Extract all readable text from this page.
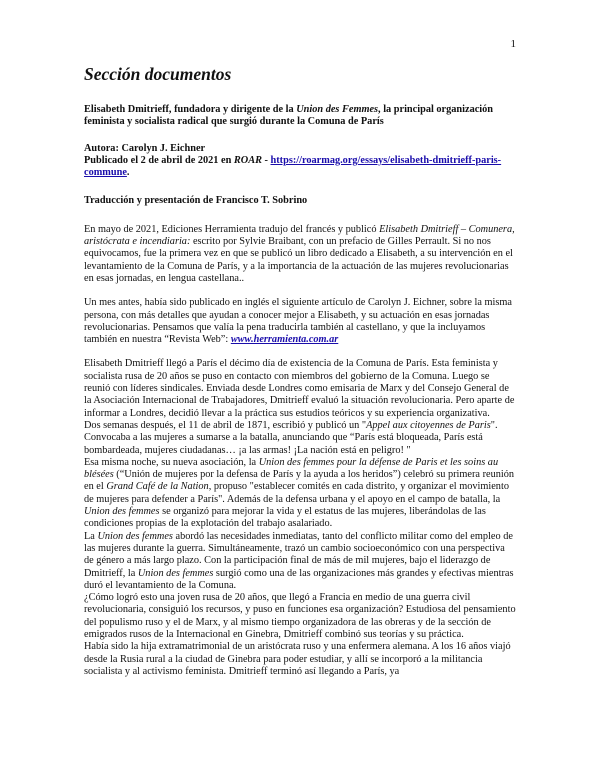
1
Sección documentos

Elisabeth Dmitrieff, fundadora y dirigente de la Union des Femmes, la principal organización feminista y socialista radical que surgió durante la Comuna de París

Autora: Carolyn J. Eichner

Publicado el 2 de abril de 2021 en ROAR - https://roarmag.org/essays/elisabeth-dmitrieff-paris-commune.

Traducción y presentación de Francisco T. Sobrino

En mayo de 2021, Ediciones Herramienta tradujo del francés y publicó Elisabeth Dmitrieff – Comunera, aristócrata e incendiaria: escrito por Sylvie Braibant, con un prefacio de Gilles Perrault. Si no nos equivocamos, fue la primera vez en que se publicó un libro dedicado a Elisabeth, a su intervención en el levantamiento de la Comuna de París, y a la importancia de la actuación de las mujeres revolucionarias en esas jornadas, en lengua castellana..

Un mes antes, había sido publicado en inglés el siguiente artículo de Carolyn J. Eichner, sobre la misma persona, con más detalles que ayudan a conocer mejor a Elisabeth, y su actuación en esas jornadas revolucionarias. Pensamos que valía la pena traducirla también al castellano, y que la incluyamos también en nuestra “Revista Web”: www.herramienta.com.ar

Elisabeth Dmitrieff llegó a París el décimo día de existencia de la Comuna de París. Esta feminista y socialista rusa de 20 años se puso en contacto con miembros del gobierno de la Comuna. Luego se reunió con líderes sindicales. Enviada desde Londres como emisaria de Marx y del Consejo General de la Asociación Internacional de Trabajadores, Dmitrieff evaluó la situación revolucionaria. Pero aparte de informar a Londres, decidió llevar a la práctica sus estudios teóricos y su experiencia organizativa.

Dos semanas después, el 11 de abril de 1871, escribió y publicó un "Appel aux citoyennes de Paris". Convocaba a las mujeres a sumarse a la batalla, anunciando que “París está bloqueada, París está bombardeada, mujeres ciudadanas… ¡a las armas! ¡La nación está en peligro! "

Esa misma noche, su nueva asociación, la Union des femmes pour la défense de Paris et les soins au blésées (“Unión de mujeres por la defensa de París y la ayuda a los heridos”) celebró su primera reunión en el Grand Café de la Nation, propuso "establecer comités en cada distrito, y organizar el movimiento de mujeres para defender a París". Además de la defensa urbana y el apoyo en el campo de batalla, la Union des femmes se organizó para mejorar la vida y el estatus de las mujeres, liberándolas de las condiciones propias de la explotación del trabajo asalariado.

La Union des femmes abordó las necesidades inmediatas, tanto del conflicto militar como del empleo de las mujeres durante la guerra. Simultáneamente, trazó un cambio socioeconómico con una perspectiva de género a más largo plazo. Con la participación final de más de mil mujeres, bajo el liderazgo de Dmitrieff, la Union des femmes surgió como una de las organizaciones más grandes y efectivas mientras duró el levantamiento de la Comuna.

¿Cómo logró esto una joven rusa de 20 años, que llegó a Francia en medio de una guerra civil revolucionaria, consiguió los recursos, y puso en funciones esa organización? Estudiosa del pensamiento del populismo ruso y el de Marx, y al mismo tiempo organizadora de las obreras y de la sección de emigrados rusos de la Internacional en Ginebra, Dmitrieff combinó sus teorías y su práctica.

Había sido la hija extramatrimonial de un aristócrata ruso y una enfermera alemana. A los 16 años viajó desde la Rusia rural a la ciudad de Ginebra para poder estudiar, y allí se incorporó a la militancia socialista y al activismo feminista. Dmitrieff terminó así llegando a París, ya
